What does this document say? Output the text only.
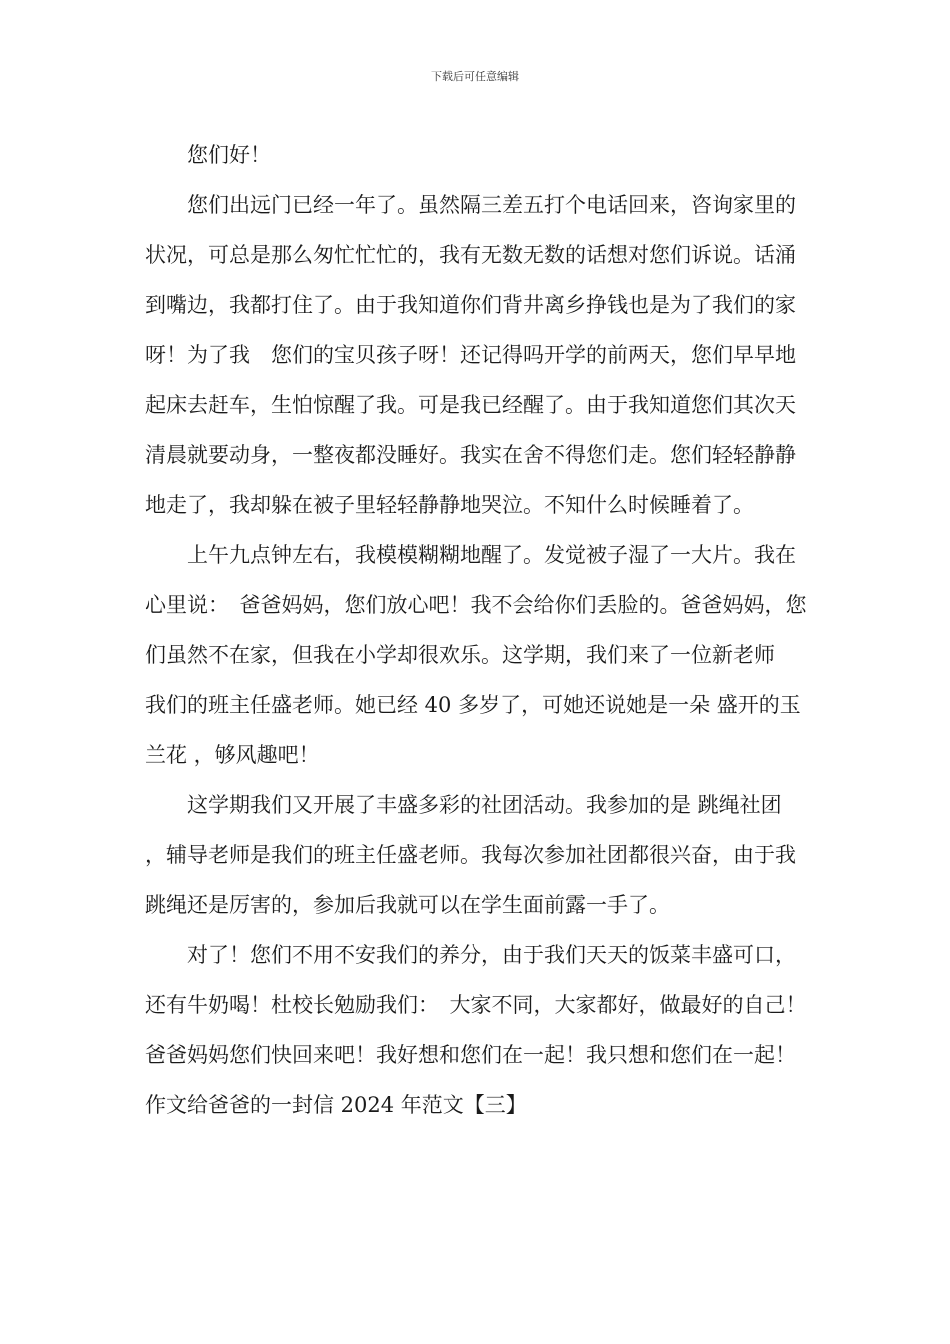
下载后可任意编辑

您们好！

您们出远门已经一年了。虽然隔三差五打个电话回来，咨询家里的状况，可总是那么匆忙忙忙的，我有无数无数的话想对您们诉说。话涌到嘴边，我都打住了。由于我知道你们背井离乡挣钱也是为了我们的家呀！为了我　您们的宝贝孩子呀！还记得吗开学的前两天，您们早早地起床去赶车，生怕惊醒了我。可是我已经醒了。由于我知道您们其次天清晨就要动身，一整夜都没睡好。我实在舍不得您们走。您们轻轻静静地走了，我却躲在被子里轻轻静静地哭泣。不知什么时候睡着了。

上午九点钟左右，我模模糊糊地醒了。发觉被子湿了一大片。我在心里说：　爸爸妈妈，您们放心吧！我不会给你们丢脸的。爸爸妈妈，您们虽然不在家，但我在小学却很欢乐。这学期，我们来了一位新老师　我们的班主任盛老师。她已经 40 多岁了，可她还说她是一朵 盛开的玉兰花 ，够风趣吧！

这学期我们又开展了丰盛多彩的社团活动。我参加的是 跳绳社团 ，辅导老师是我们的班主任盛老师。我每次参加社团都很兴奋，由于我跳绳还是厉害的，参加后我就可以在学生面前露一手了。

对了！您们不用不安我们的养分，由于我们天天的饭菜丰盛可口，还有牛奶喝！杜校长勉励我们：　大家不同，大家都好，做最好的自己！　爸爸妈妈您们快回来吧！我好想和您们在一起！我只想和您们在一起！

作文给爸爸的一封信 2024 年范文【三】
